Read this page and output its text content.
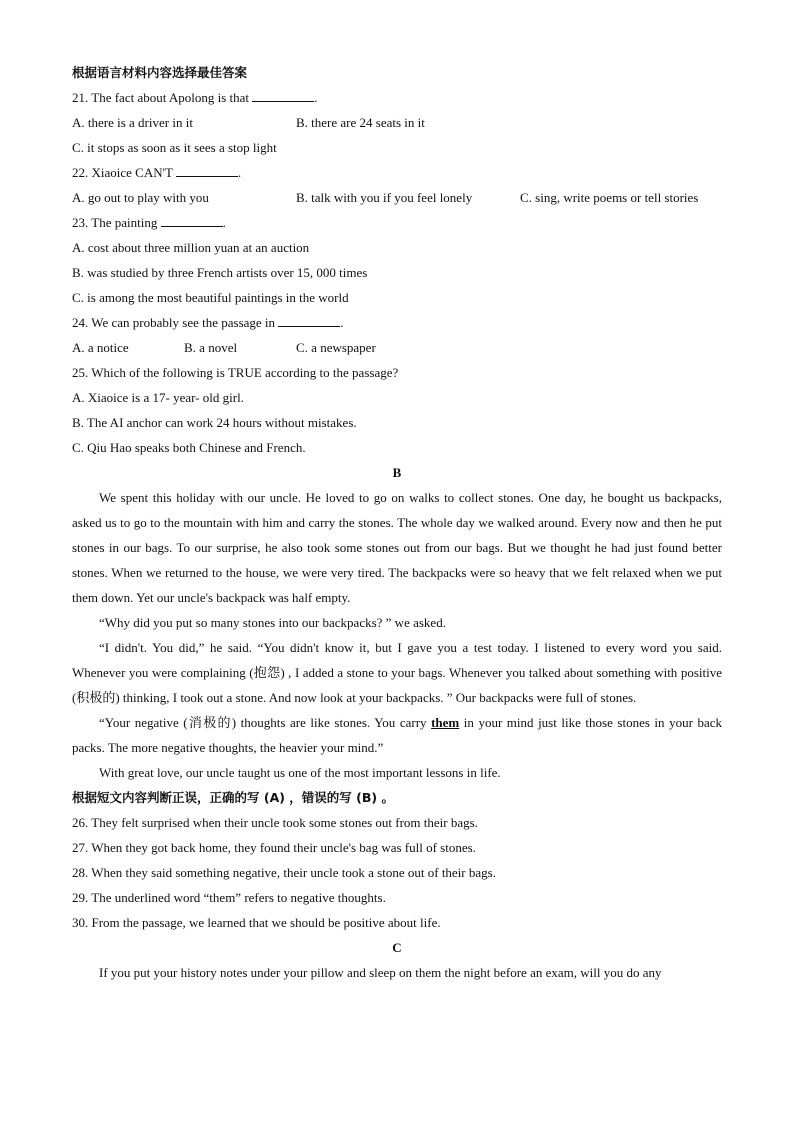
根据语言材料内容选择最佳答案
21. The fact about Apolong is that	.
A. there is a driver in it	B. there are 24 seats in it
C. it stops as soon as it sees a stop light
22. Xiaoice CAN'T	.
A. go out to play with you	B. talk with you if you feel lonely	C. sing, write poems or tell stories
23. The painting	.
A. cost about three million yuan at an auction
B. was studied by three French artists over 15, 000 times
C. is among the most beautiful paintings in the world
24. We can probably see the passage in	.
A. a notice	B. a novel	C. a newspaper
25. Which of the following is TRUE according to the passage?
A. Xiaoice is a 17- year- old girl.
B. The AI anchor can work 24 hours without mistakes.
C. Qiu Hao speaks both Chinese and French.
B

We spent this holiday with our uncle. He loved to go on walks to collect stones. One day, he bought us backpacks, asked us to go to the mountain with him and carry the stones. The whole day we walked around. Every now and then he put stones in our bags. To our surprise, he also took some stones out from our bags. But we thought he had just found better stones. When we returned to the house, we were very tired. The backpacks were so heavy that we felt relaxed when we put them down. Yet our uncle's backpack was half empty.

“Why did you put so many stones into our backpacks? ” we asked.

“I didn't. You did,” he said. “You didn't know it, but I gave you a test today. I listened to every word you said. Whenever you were complaining (抱怨) , I added a stone to your bags. Whenever you talked about something with positive (积极的) thinking, I took out a stone. And now look at your backpacks. ” Our backpacks were full of stones.

“Your negative (消极的) thoughts are like stones. You carry them in your mind just like those stones in your back packs. The more negative thoughts, the heavier your mind.”

With great love, our uncle taught us one of the most important lessons in life.

根据短文内容判断正误，正确的写 (A) ，错误的写 (B) 。
26. They felt surprised when their uncle took some stones out from their bags.
27. When they got back home, they found their uncle's bag was full of stones.
28. When they said something negative, their uncle took a stone out of their bags.
29. The underlined word “them” refers to negative thoughts.
30. From the passage, we learned that we should be positive about life.
C

If you put your history notes under your pillow and sleep on them the night before an exam, will you do any
